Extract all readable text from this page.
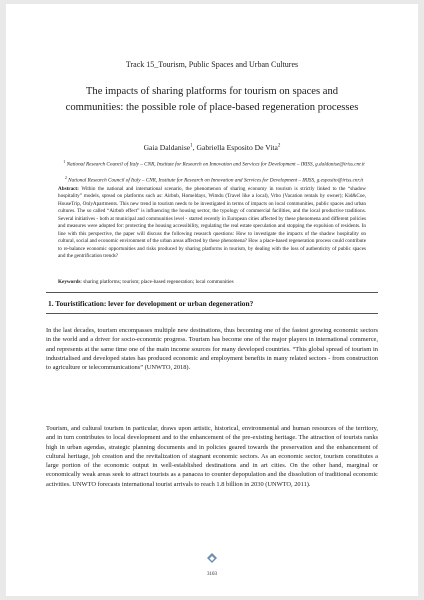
Track 15_Tourism, Public Spaces and Urban Cultures
The impacts of sharing platforms for tourism on spaces and communities: the possible role of place-based regeneration processes
Gaia Daldanise$^1$, Gabriella Esposito De Vita$^2$
$^1$ National Research Council of Italy – CNR, Institute for Research on Innovation and Services for Development – IRISS, g.daldanise@iriss.cnr.it
$^2$ National Research Council of Italy – CNR, Institute for Research on Innovation and Services for Development – IRISS, g.esposito@iriss.cnr.it
Abstract: Within the national and international scenario, the phenomenon of sharing economy in tourism is strictly linked to the “shadow hospitality” models, spread on platforms such as: Airbnb, Homeldays, Wimdu (Travel like a local), Vrbo (Vacation rentals by owner); Kid&Coe, HouseTrip, OnlyApartments. This new trend in tourism needs to be investigated in terms of impacts on local communities, public spaces and urban cultures. The so called “Airbnb effect” is influencing the housing sector, the typology of commercial facilities, and the local productive traditions. Several initiatives - both at municipal and communities level - started recently in European cities affected by these phenomena and different policies and measures were adopted for: protecting the housing accessibility, regulating the real estate speculation and stopping the expulsion of residents. In line with this perspective, the paper will discuss the following research questions: How to investigate the impacts of the shadow hospitality on cultural, social and economic environment of the urban areas affected by these phenomena? How a place-based regeneration process could contribute to re-balance economic opportunities and risks produced by sharing platforms in tourism, by dealing with the loss of authenticity of public spaces and the gentrification trends?
Keywords: sharing platforms; tourism; place-based regeneration; local communities
1. Touristification: lever for development or urban degeneration?
In the last decades, tourism encompasses multiple new destinations, thus becoming one of the fastest growing economic sectors in the world and a driver for socio-economic progress. Tourism has become one of the major players in international commerce, and represents at the same time one of the main income sources for many developed countries. “This global spread of tourism in industrialised and developed states has produced economic and employment benefits in many related sectors - from construction to agriculture or telecommunications” (UNWTO, 2018).
Tourism, and cultural tourism in particular, draws upon artistic, historical, environmental and human resources of the territory, and in turn contributes to local development and to the enhancement of the pre-existing heritage. The attraction of tourists ranks high in urban agendas, strategic planning documents and in policies geared towards the preservation and the enhancement of cultural heritage, job creation and the revitalization of stagnant economic sectors. As an economic sector, tourism constitutes a large portion of the economic output in well-established destinations and in art cities. On the other hand, marginal or economically weak areas seek to attract tourists as a panacea to counter depopulation and the dissolution of traditional economic activities. UNWTO forecasts international tourist arrivals to reach 1.8 billion in 2030 (UNWTO, 2011).
3103
